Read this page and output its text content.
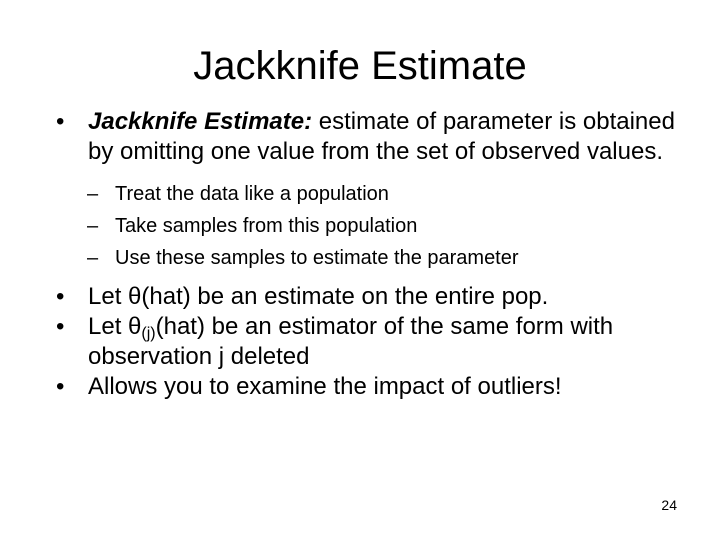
Jackknife Estimate
• Jackknife Estimate: estimate of parameter is obtained by omitting one value from the set of observed values.
– Treat the data like a population
– Take samples from this population
– Use these samples to estimate the parameter
• Let θ(hat) be an estimate on the entire pop.
• Let $\theta_{(j)}(hat)$ be an estimator of the same form with observation j deleted
• Allows you to examine the impact of outliers!
24
